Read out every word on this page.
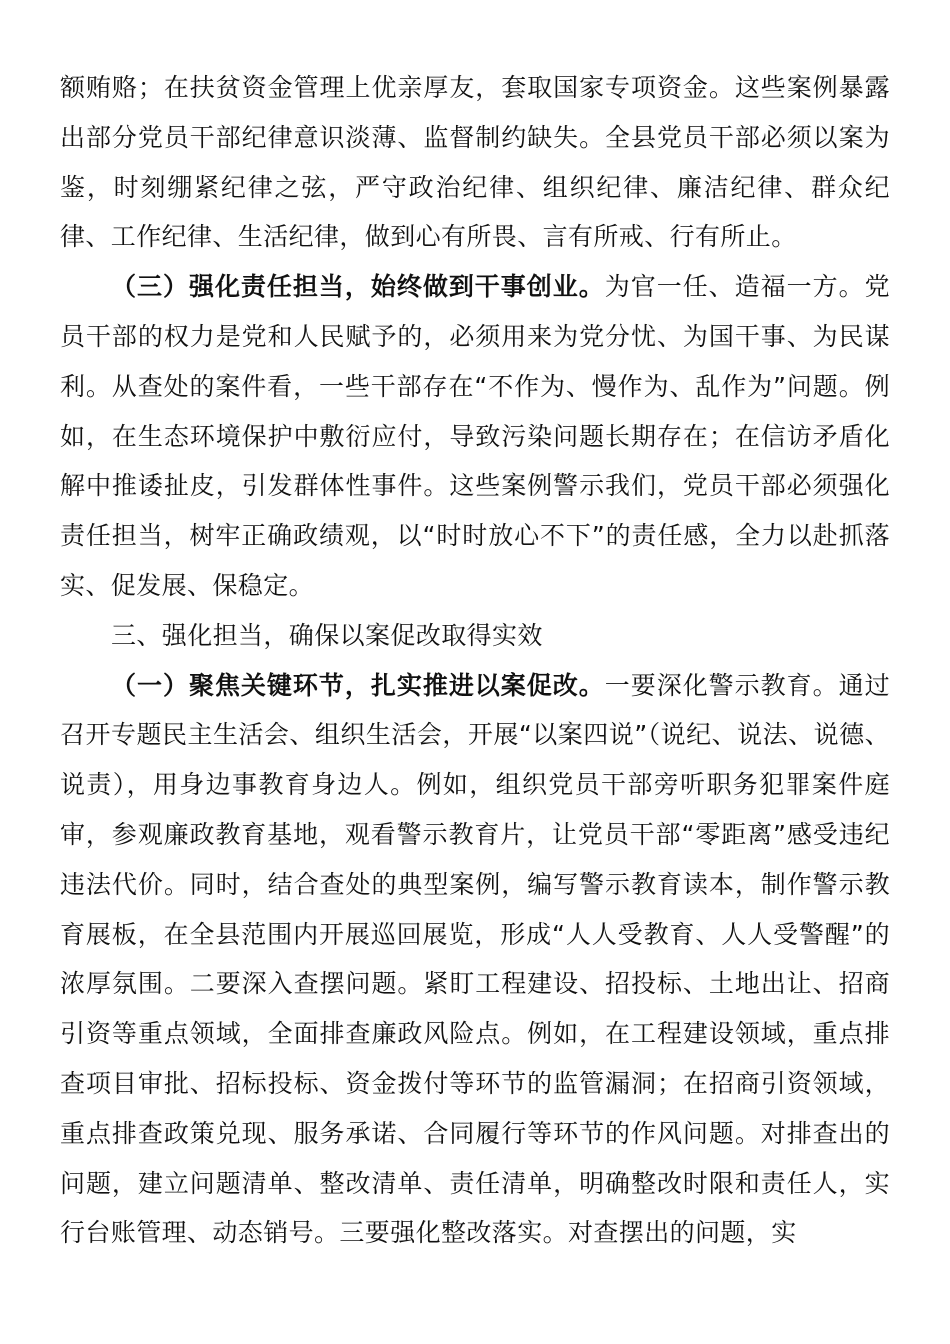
额贿赂；在扶贫资金管理上优亲厚友，套取国家专项资金。这些案例暴露出部分党员干部纪律意识淡薄、监督制约缺失。全县党员干部必须以案为鉴，时刻绷紧纪律之弦，严守政治纪律、组织纪律、廉洁纪律、群众纪律、工作纪律、生活纪律，做到心有所畏、言有所戒、行有所止。

（三）强化责任担当，始终做到干事创业。为官一任、造福一方。党员干部的权力是党和人民赋予的，必须用来为党分忧、为国干事、为民谋利。从查处的案件看，一些干部存在“不作为、慢作为、乱作为”问题。例如，在生态环境保护中敷衍应付，导致污染问题长期存在；在信访矛盾化解中推诿扯皮，引发群体性事件。这些案例警示我们，党员干部必须强化责任担当，树牢正确政绩观，以“时时放心不下”的责任感，全力以赴抓落实、促发展、保稳定。

三、强化担当，确保以案促改取得实效

（一）聚焦关键环节，扎实推进以案促改。一要深化警示教育。通过召开专题民主生活会、组织生活会，开展“以案四说”（说纪、说法、说德、说责），用身边事教育身边人。例如，组织党员干部旁听职务犯罪案件庭审，参观廉政教育基地，观看警示教育片，让党员干部“零距离”感受违纪违法代价。同时，结合查处的典型案例，编写警示教育读本，制作警示教育展板，在全县范围内开展巡回展览，形成“人人受教育、人人受警醒”的浓厚氛围。二要深入查摆问题。紧盯工程建设、招投标、土地出让、招商引资等重点领域，全面排查廉政风险点。例如，在工程建设领域，重点排查项目审批、招标投标、资金拨付等环节的监管漏洞；在招商引资领域，重点排查政策兑现、服务承诺、合同履行等环节的作风问题。对排查出的问题，建立问题清单、整改清单、责任清单，明确整改时限和责任人，实行台账管理、动态销号。三要强化整改落实。对查摆出的问题，实
